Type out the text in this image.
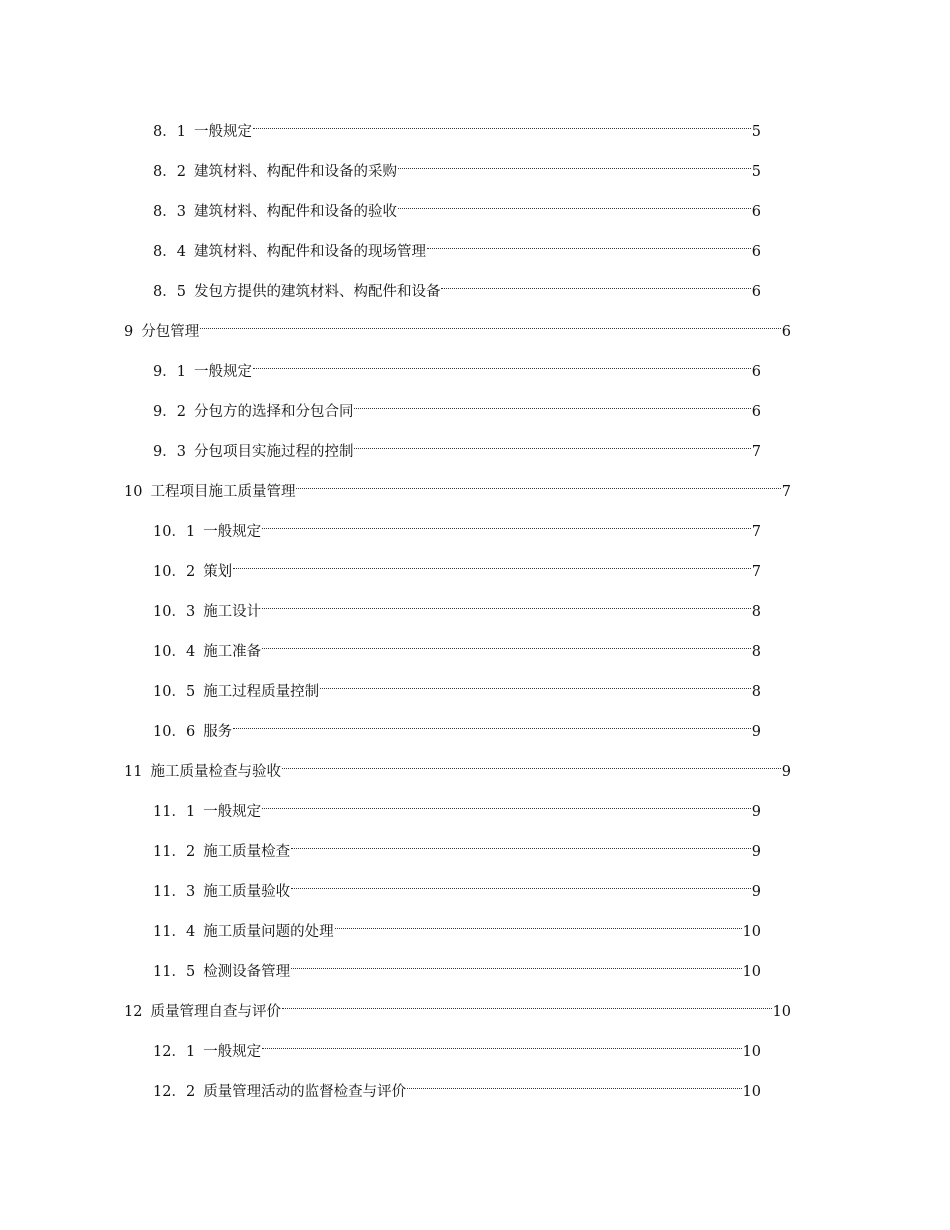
8．1 一般规定	5
8．2 建筑材料、构配件和设备的采购	5
8．3 建筑材料、构配件和设备的验收	6
8．4 建筑材料、构配件和设备的现场管理	6
8．5 发包方提供的建筑材料、构配件和设备	6
9 分包管理	6
9．1 一般规定	6
9．2 分包方的选择和分包合同	6
9．3 分包项目实施过程的控制	7
10 工程项目施工质量管理	7
10．1 一般规定	7
10．2 策划	7
10．3 施工设计	8
10．4 施工准备	8
10．5 施工过程质量控制	8
10．6 服务	9
11 施工质量检查与验收	9
11．1 一般规定	9
11．2 施工质量检查	9
11．3 施工质量验收	9
11．4 施工质量问题的处理	10
11．5 检测设备管理	10
12 质量管理自查与评价	10
12．1 一般规定	10
12．2 质量管理活动的监督检查与评价	10
